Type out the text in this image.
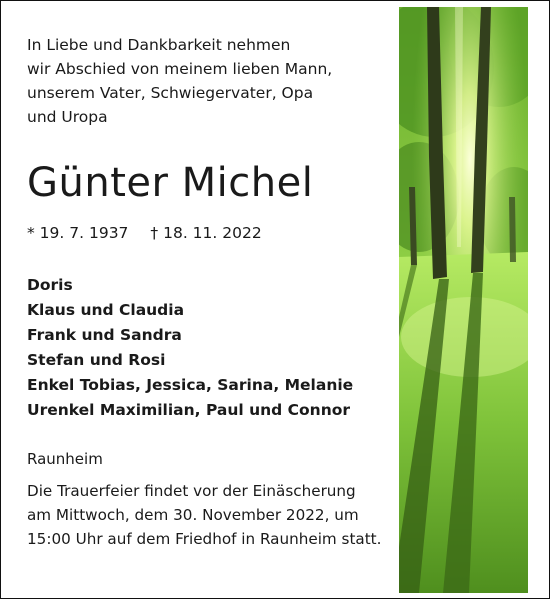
In Liebe und Dankbarkeit nehmen
wir Abschied von meinem lieben Mann,
unserem Vater, Schwiegervater, Opa
und Uropa
Günter Michel
* 19. 7. 1937 † 18. 11. 2022
Doris
Klaus und Claudia
Frank und Sandra
Stefan und Rosi
Enkel Tobias, Jessica, Sarina, Melanie
Urenkel Maximilian, Paul und Connor
Raunheim
Die Trauerfeier findet vor der Einäscherung
am Mittwoch, dem 30. November 2022, um
15:00 Uhr auf dem Friedhof in Raunheim statt.
